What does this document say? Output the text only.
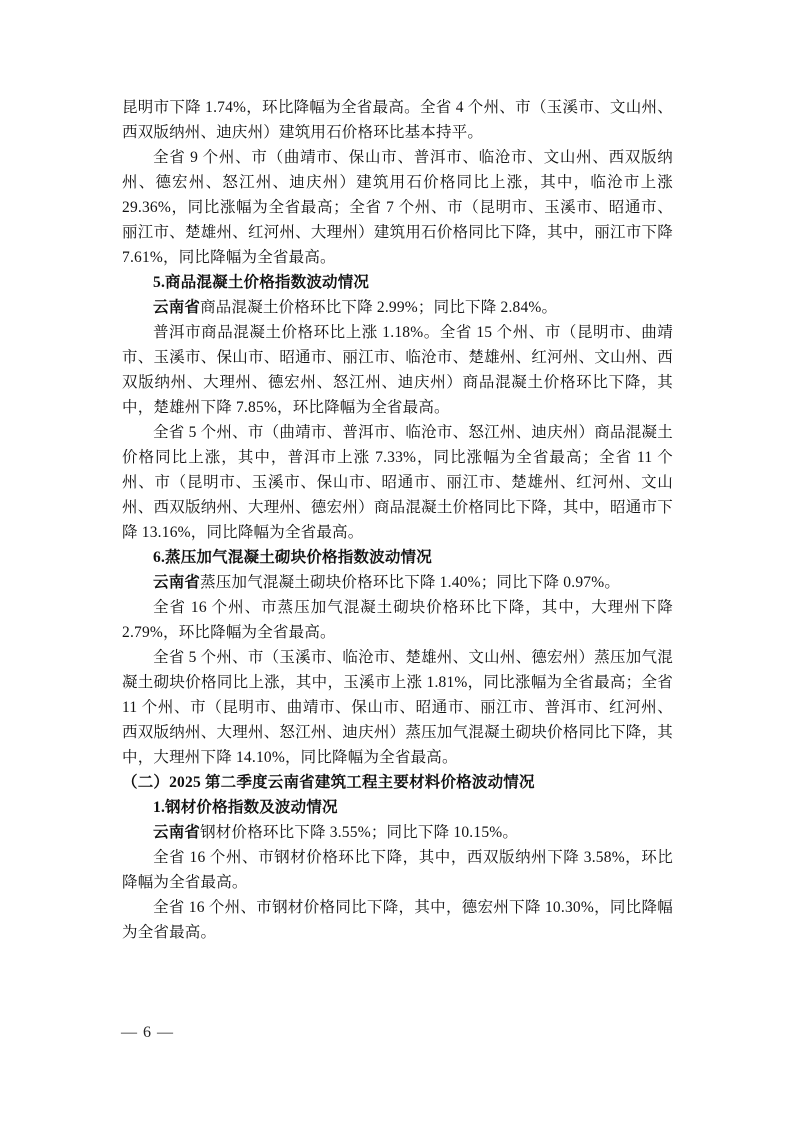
昆明市下降 1.74%，环比降幅为全省最高。全省 4 个州、市（玉溪市、文山州、西双版纳州、迪庆州）建筑用石价格环比基本持平。

全省 9 个州、市（曲靖市、保山市、普洱市、临沧市、文山州、西双版纳州、德宏州、怒江州、迪庆州）建筑用石价格同比上涨，其中，临沧市上涨 29.36%，同比涨幅为全省最高；全省 7 个州、市（昆明市、玉溪市、昭通市、丽江市、楚雄州、红河州、大理州）建筑用石价格同比下降，其中，丽江市下降 7.61%，同比降幅为全省最高。

5.商品混凝土价格指数波动情况

云南省商品混凝土价格环比下降 2.99%；同比下降 2.84%。

普洱市商品混凝土价格环比上涨 1.18%。全省 15 个州、市（昆明市、曲靖市、玉溪市、保山市、昭通市、丽江市、临沧市、楚雄州、红河州、文山州、西双版纳州、大理州、德宏州、怒江州、迪庆州）商品混凝土价格环比下降，其中，楚雄州下降 7.85%，环比降幅为全省最高。

全省 5 个州、市（曲靖市、普洱市、临沧市、怒江州、迪庆州）商品混凝土价格同比上涨，其中，普洱市上涨 7.33%，同比涨幅为全省最高；全省 11 个州、市（昆明市、玉溪市、保山市、昭通市、丽江市、楚雄州、红河州、文山州、西双版纳州、大理州、德宏州）商品混凝土价格同比下降，其中，昭通市下降 13.16%，同比降幅为全省最高。

6.蒸压加气混凝土砌块价格指数波动情况

云南省蒸压加气混凝土砌块价格环比下降 1.40%；同比下降 0.97%。

全省 16 个州、市蒸压加气混凝土砌块价格环比下降，其中，大理州下降 2.79%，环比降幅为全省最高。

全省 5 个州、市（玉溪市、临沧市、楚雄州、文山州、德宏州）蒸压加气混凝土砌块价格同比上涨，其中，玉溪市上涨 1.81%，同比涨幅为全省最高；全省 11 个州、市（昆明市、曲靖市、保山市、昭通市、丽江市、普洱市、红河州、西双版纳州、大理州、怒江州、迪庆州）蒸压加气混凝土砌块价格同比下降，其中，大理州下降 14.10%，同比降幅为全省最高。

（二）2025 第二季度云南省建筑工程主要材料价格波动情况

1.钢材价格指数及波动情况

云南省钢材价格环比下降 3.55%；同比下降 10.15%。

全省 16 个州、市钢材价格环比下降，其中，西双版纳州下降 3.58%，环比降幅为全省最高。

全省 16 个州、市钢材价格同比下降，其中，德宏州下降 10.30%，同比降幅为全省最高。

— 6 —
